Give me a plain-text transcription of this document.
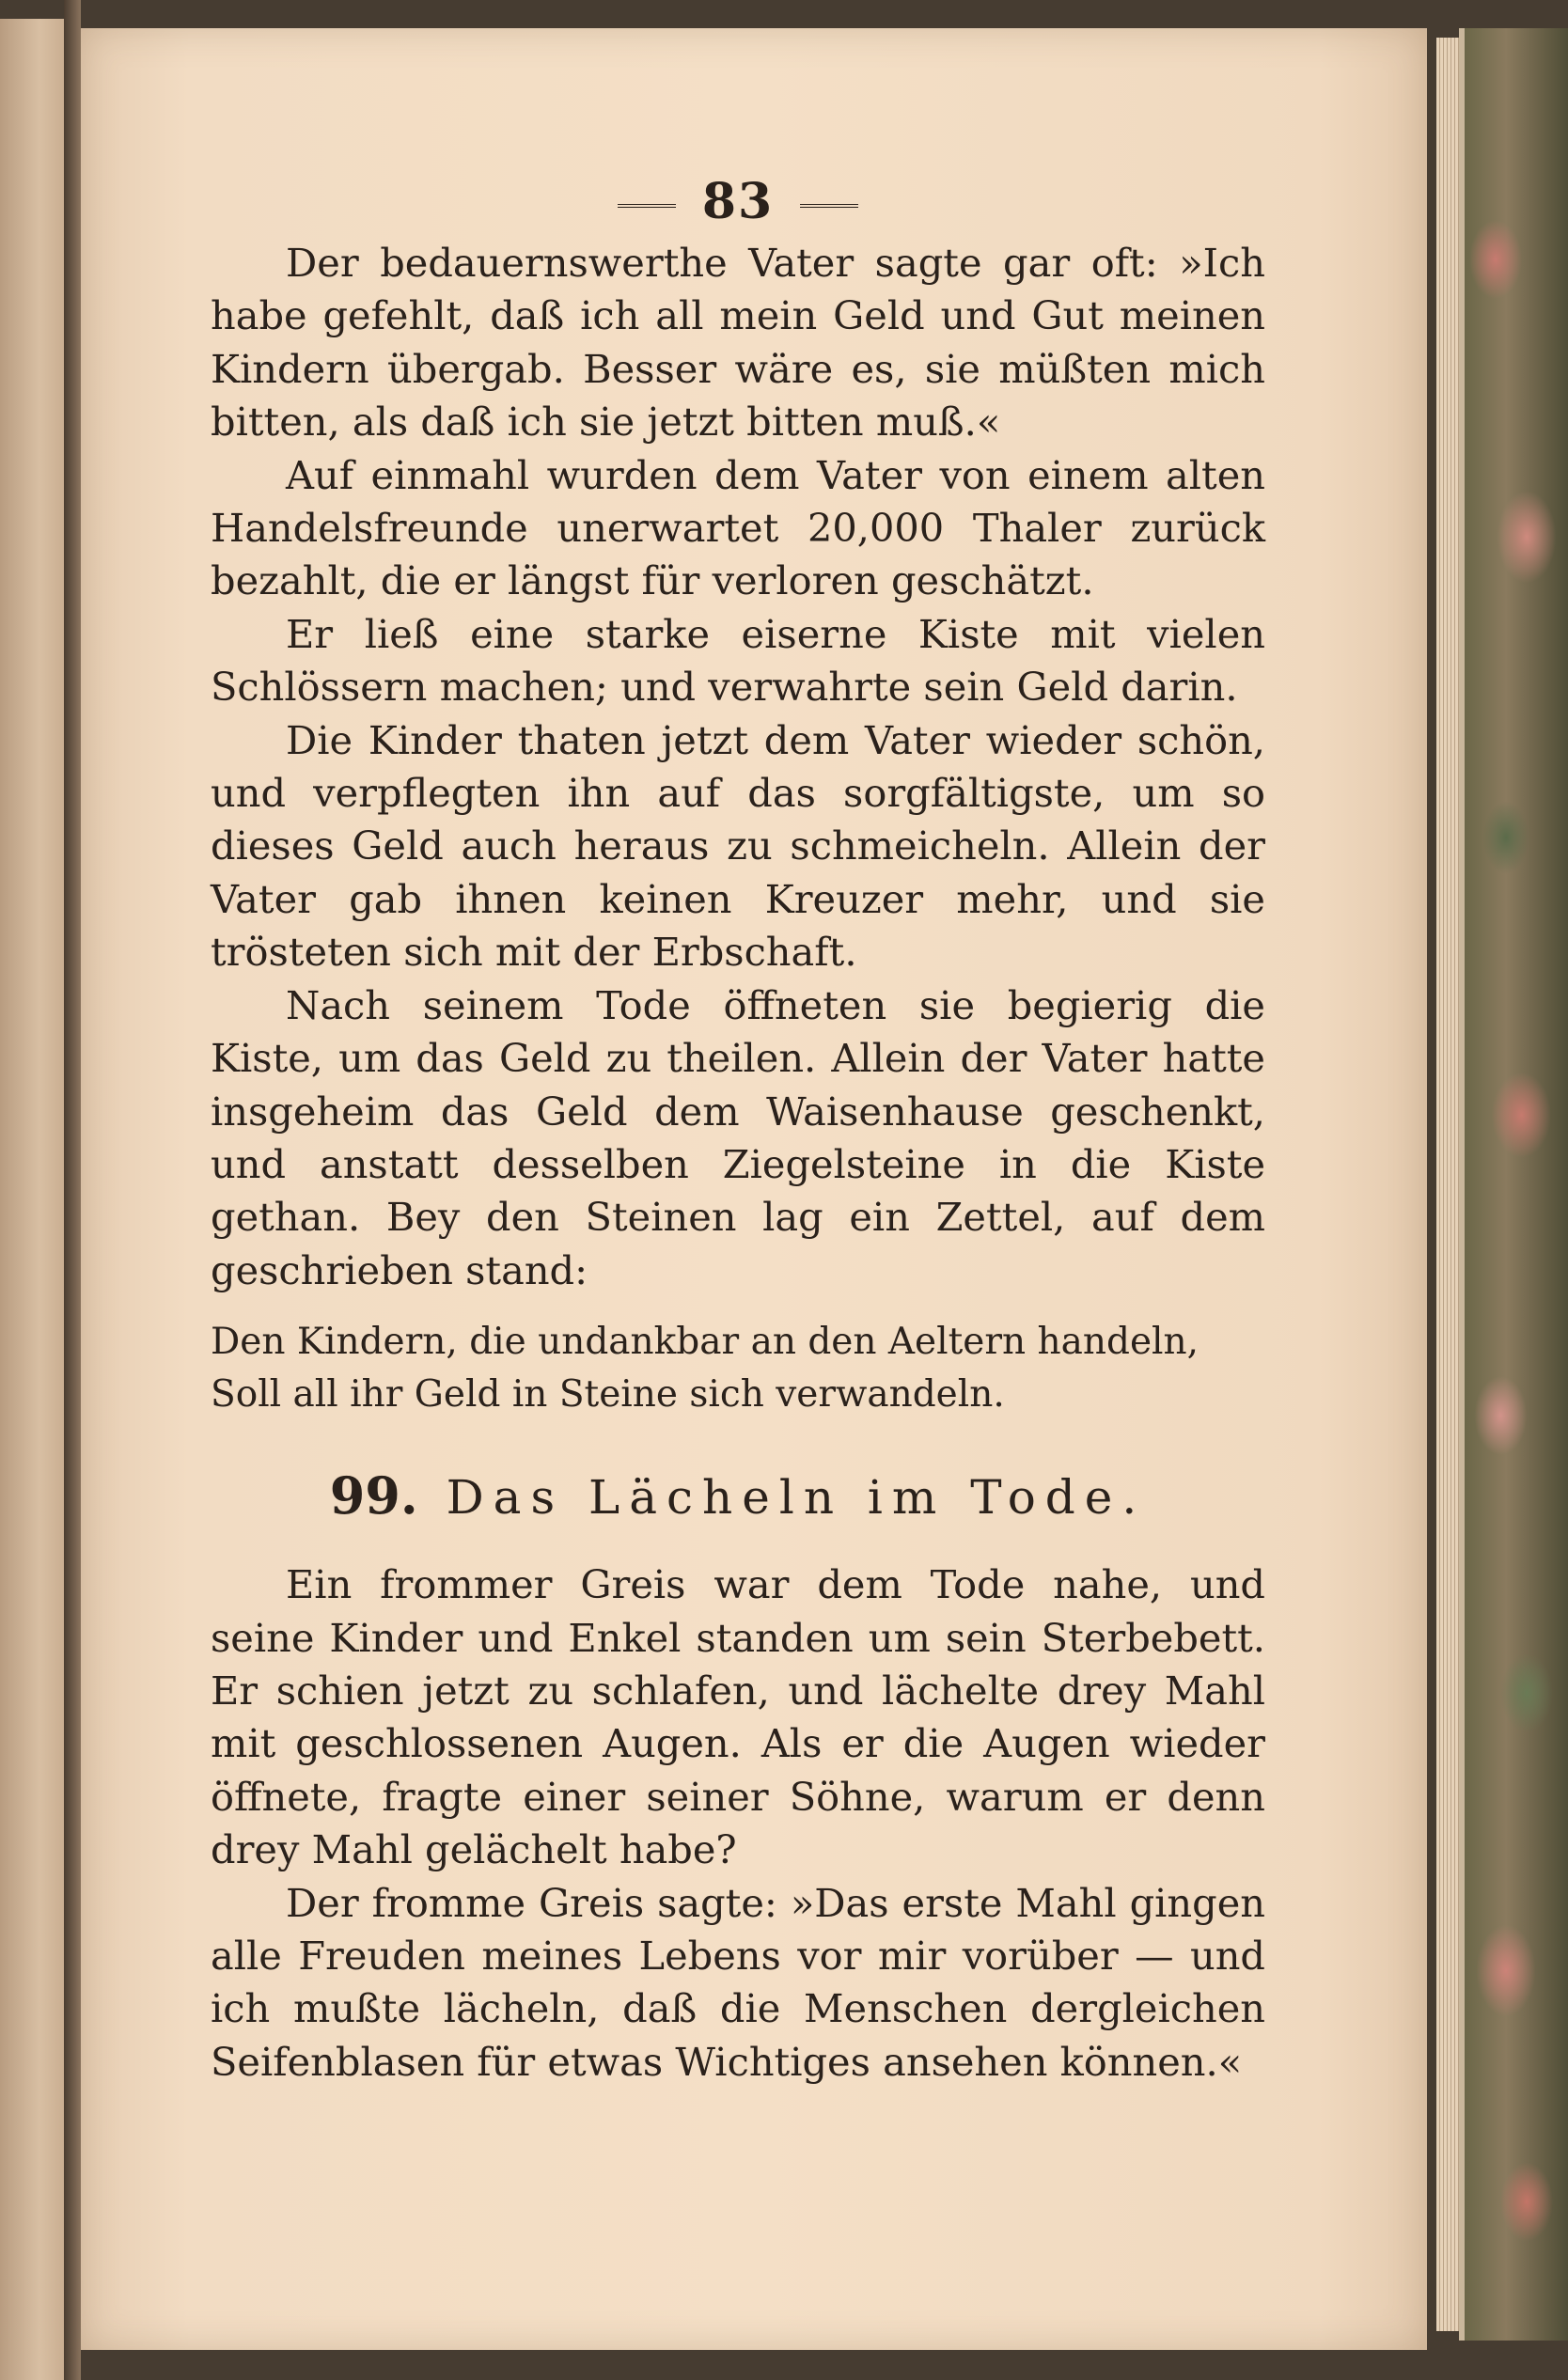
83

Der bedauernswerthe Vater sagte gar oft: »Ich habe gefehlt, daß ich all mein Geld und Gut meinen Kindern übergab. Besser wäre es, sie müßten mich bitten, als daß ich sie jetzt bitten muß.«

Auf einmahl wurden dem Vater von einem alten Handelsfreunde unerwartet 20,000 Thaler zurück bezahlt, die er längst für verloren geschätzt.

Er ließ eine starke eiserne Kiste mit vielen Schlössern machen; und verwahrte sein Geld darin.

Die Kinder thaten jetzt dem Vater wieder schön, und verpflegten ihn auf das sorgfältigste, um so dieses Geld auch heraus zu schmeicheln. Allein der Vater gab ihnen keinen Kreuzer mehr, und sie trösteten sich mit der Erbschaft.

Nach seinem Tode öffneten sie begierig die Kiste, um das Geld zu theilen. Allein der Vater hatte insgeheim das Geld dem Waisenhause geschenkt, und anstatt desselben Ziegelsteine in die Kiste gethan. Bey den Steinen lag ein Zettel, auf dem geschrieben stand:

Den Kindern, die undankbar an den Aeltern handeln,
Soll all ihr Geld in Steine sich verwandeln.
99. Das Lächeln im Tode.

Ein frommer Greis war dem Tode nahe, und seine Kinder und Enkel standen um sein Sterbebett. Er schien jetzt zu schlafen, und lächelte drey Mahl mit geschlossenen Augen. Als er die Augen wieder öffnete, fragte einer seiner Söhne, warum er denn drey Mahl gelächelt habe?

Der fromme Greis sagte: »Das erste Mahl gingen alle Freuden meines Lebens vor mir vorüber — und ich mußte lächeln, daß die Menschen dergleichen Seifenblasen für etwas Wichtiges ansehen können.«
